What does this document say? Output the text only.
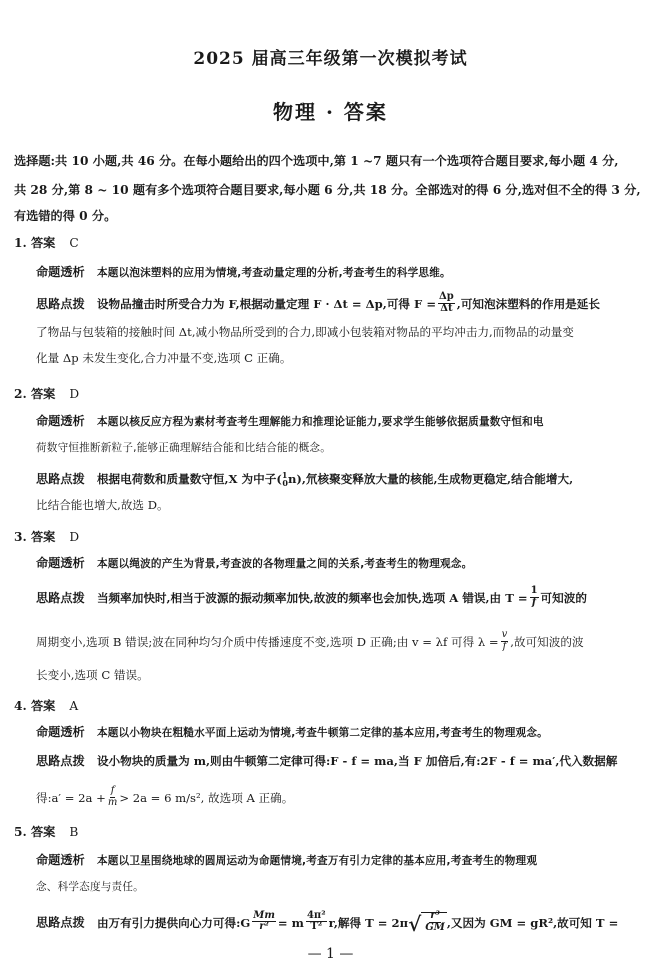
2025 届高三年级第一次模拟考试
物理 · 答案
选择题:共 10 小题,共 46 分。在每小题给出的四个选项中,第 1 ~7 题只有一个选项符合题目要求,每小题 4 分,
共 28 分,第 8 ~ 10 题有多个选项符合题目要求,每小题 6 分,共 18 分。全部选对的得 6 分,选对但不全的得 3 分,
有选错的得 0 分。
1. 答案 C
命题透析　 本题以泡沫塑料的应用为情境,考查动量定理的分析,考查考生的科学思维。
思路点拨　 设物品撞击时所受合力为 F,根据动量定理 F · Δt = Δp,可得 $F = \frac{\Delta p}{\Delta t}$ ,可知泡沫塑料的作用是延长
了物品与包装箱的接触时间 Δt,减小物品所受到的合力,即减小包装箱对物品的平均冲击力,而物品的动量变
化量 Δp 未发生变化,合力冲量不变,选项 C 正确。
2. 答案 D
命题透析　 本题以核反应方程为素材考查考生理解能力和推理论证能力,要求学生能够依据质量数守恒和电
荷数守恒推断新粒子,能够正确理解结合能和比结合能的概念。
思路点拨　 根据电荷数和质量数守恒,X 为中子($^1_0$n),氘核聚变释放大量的核能,生成物更稳定,结合能增大,
比结合能也增大,故选 D。
3. 答案 D
命题透析　 本题以绳波的产生为背景,考查波的各物理量之间的关系,考查考生的物理观念。
思路点拨　 当频率加快时,相当于波源的振动频率加快,故波的频率也会加快,选项 A 错误,由 $T = \frac{1}{f}$ 可知波的
周期变小,选项 B 错误;波在同种均匀介质中传播速度不变,选项 D 正确;由 v = λf 可得 $\lambda = \frac{v}{f}$ ,故可知波的波
长变小,选项 C 错误。
4. 答案 A
命题透析　 本题以小物块在粗糙水平面上运动为情境,考查牛顿第二定律的基本应用,考查考生的物理观念。
思路点拨　 设小物块的质量为 m,则由牛顿第二定律可得:F - f = ma,当 F 加倍后,有:2F - f = ma′,代入数据解
得:a′ = $2a + \frac{f}{m} > 2a = 6$ m/s², 故选项 A 正确。
5. 答案 B
命题透析　 本题以卫星围绕地球的圆周运动为命题情境,考查万有引力定律的基本应用,考查考生的物理观
念、科学态度与责任。
思路点拨　 由万有引力提供向心力可得:G $\frac{Mm}{\text{r²}} = m \frac{\text{4π²}}{\text{T²}} r$,解得 T = 2π √ $\frac{\text{r³}}{GM}$ ,又因为 GM = gR²,故可知 T =
— 1 —
